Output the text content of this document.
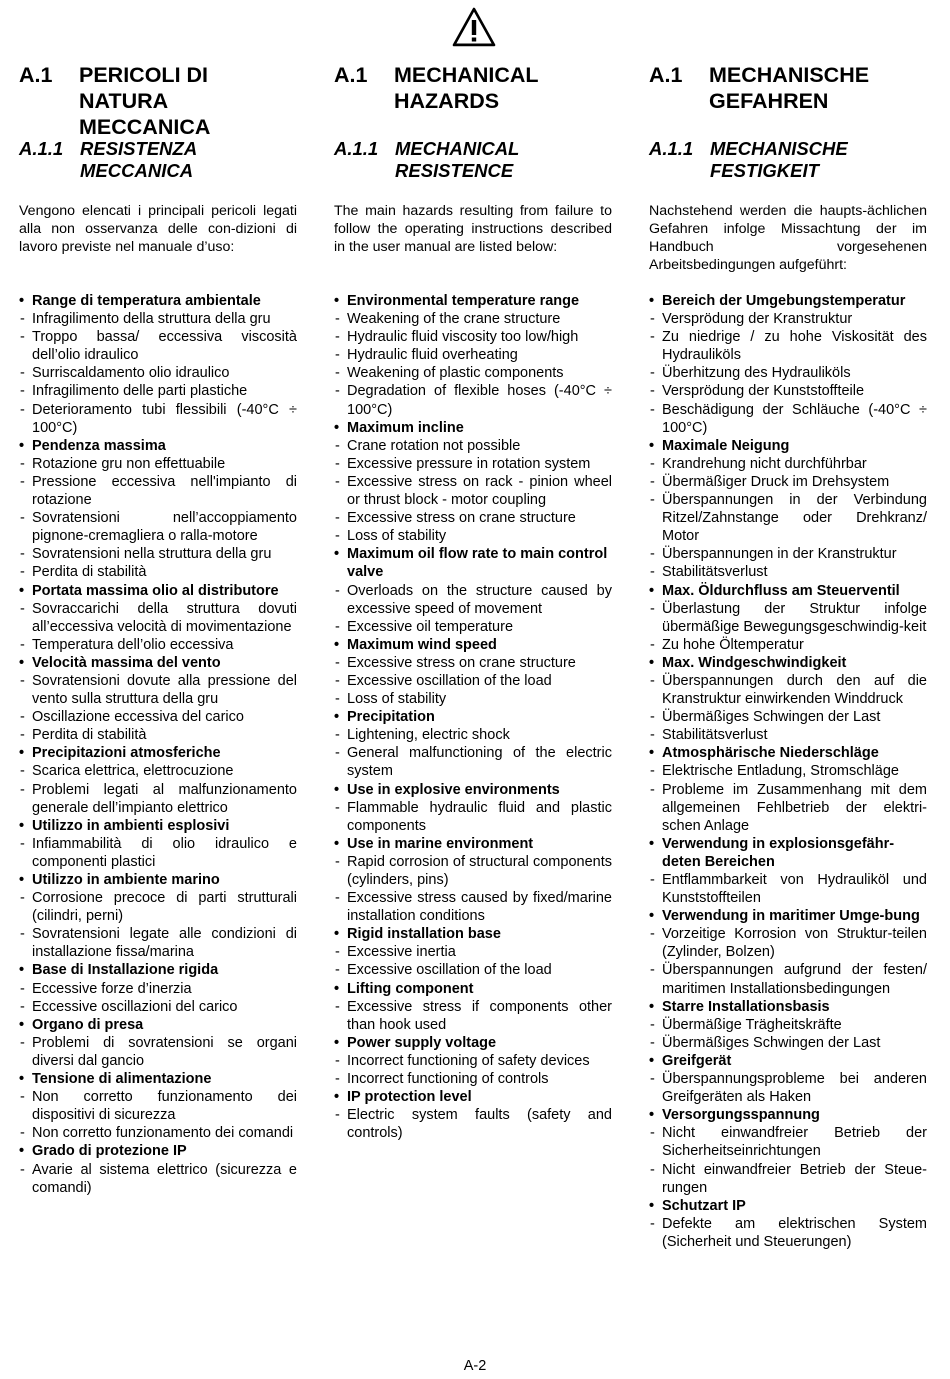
A.1	PERICOLI DI NATURA MECCANICA
A.1.1 RESISTENZA MECCANICA
Vengono elencati i principali pericoli legati alla non osservanza delle con-dizioni di lavoro previste nel manuale d’uso:
• Range di temperatura ambientale
- Infragilimento della struttura della gru
- Troppo bassa/ eccessiva viscosità dell’olio idraulico
- Surriscaldamento olio idraulico
- Infragilimento delle parti plastiche
- Deterioramento tubi flessibili (-40°C ÷ 100°C)
• Pendenza massima
- Rotazione gru non effettuabile
- Pressione eccessiva nell'impianto di rotazione
- Sovratensioni nell’accoppiamento pignone-cremagliera o ralla-motore
- Sovratensioni nella struttura della gru
- Perdita di stabilità
• Portata massima olio al distributore
- Sovraccarichi della struttura dovuti all’eccessiva velocità di movimentazione
- Temperatura dell’olio eccessiva
• Velocità massima del vento
- Sovratensioni dovute alla pressione del vento sulla struttura della gru
- Oscillazione eccessiva del carico
- Perdita di stabilità
• Precipitazioni atmosferiche
- Scarica elettrica, elettrocuzione
- Problemi legati al malfunzionamento generale dell’impianto elettrico
• Utilizzo in ambienti esplosivi
- Infiammabilità di olio idraulico e componenti plastici
• Utilizzo in ambiente marino
- Corrosione precoce di parti strutturali (cilindri, perni)
- Sovratensioni legate alle condizioni di installazione fissa/marina
• Base di Installazione rigida
- Eccessive forze d’inerzia
- Eccessive oscillazioni del carico
• Organo di presa
- Problemi di sovratensioni se organi diversi dal gancio
• Tensione di alimentazione
- Non corretto funzionamento dei dispositivi di sicurezza
- Non corretto funzionamento dei comandi
• Grado di protezione IP
- Avarie al sistema elettrico (sicurezza e comandi)
A.1	MECHANICAL HAZARDS
A.1.1 MECHANICAL RESISTENCE
The main hazards resulting from failure to follow the operating instructions described in the user manual are listed below:
• Environmental temperature range
- Weakening of the crane structure
- Hydraulic fluid viscosity too low/high
- Hydraulic fluid overheating
- Weakening of plastic components
- Degradation of flexible hoses (-40°C ÷ 100°C)
• Maximum incline
- Crane rotation not possible
- Excessive pressure in rotation system
- Excessive stress on rack - pinion wheel or thrust block - motor coupling
- Excessive stress on crane structure
- Loss of stability
• Maximum oil flow rate to main control valve
- Overloads on the structure caused by excessive speed of movement
- Excessive oil temperature
• Maximum wind speed
- Excessive stress on crane structure
- Excessive oscillation of the load
- Loss of stability
• Precipitation
- Lightening, electric shock
- General malfunctioning of the electric system
• Use in explosive environments
- Flammable hydraulic fluid and plastic components
• Use in marine environment
- Rapid corrosion of structural components (cylinders, pins)
- Excessive stress caused by fixed/marine installation conditions
• Rigid installation base
- Excessive inertia
- Excessive oscillation of the load
• Lifting component
- Excessive stress if components other than hook used
• Power supply voltage
- Incorrect functioning of safety devices
- Incorrect functioning of controls
• IP protection level
- Electric system faults (safety and controls)
A.1	MECHANISCHE GEFAHREN
A.1.1 MECHANISCHE FESTIGKEIT
Nachstehend werden die haupts-ächlichen Gefahren infolge Missachtung der im Handbuch vorgesehenen Arbeitsbedingungen aufgeführt:
• Bereich der Umgebungstemperatur
- Versprödung der Kranstruktur
- Zu niedrige / zu hohe Viskosität des Hydrauliköls
- Überhitzung des Hydrauliköls
- Versprödung der Kunststoffteile
- Beschädigung der Schläuche (-40°C ÷ 100°C)
• Maximale Neigung
- Krandrehung nicht durchführbar
- Übermäßiger Druck im Drehsystem
- Überspannungen in der Verbindung Ritzel/Zahnstange oder Drehkranz/ Motor
- Überspannungen in der Kranstruktur
- Stabilitätsverlust
• Max. Öldurchfluss am Steuerventil
- Überlastung der Struktur infolge übermäßige Bewegungsgeschwindig-keit
- Zu hohe Öltemperatur
• Max. Windgeschwindigkeit
- Überspannungen durch den auf die Kranstruktur einwirkenden Winddruck
- Übermäßiges Schwingen der Last
- Stabilitätsverlust
• Atmosphärische Niederschläge
- Elektrische Entladung, Stromschläge
- Probleme im Zusammenhang mit dem allgemeinen Fehlbetrieb der elektri-schen Anlage
• Verwendung in explosionsgefähr-deten Bereichen
- Entflammbarkeit von Hydrauliköl und Kunststoffteilen
• Verwendung in maritimer Umge-bung
- Vorzeitige Korrosion von Struktur-teilen (Zylinder, Bolzen)
- Überspannungen aufgrund der festen/ maritimen Installationsbedingungen
• Starre Installationsbasis
- Übermäßige Trägheitskräfte
- Übermäßiges Schwingen der Last
• Greifgerät
- Überspannungsprobleme bei anderen Greifgeräten als Haken
• Versorgungsspannung
- Nicht einwandfreier Betrieb der Sicherheitseinrichtungen
- Nicht einwandfreier Betrieb der Steue-rungen
• Schutzart IP
- Defekte am elektrischen System (Sicherheit und Steuerungen)
A-2
